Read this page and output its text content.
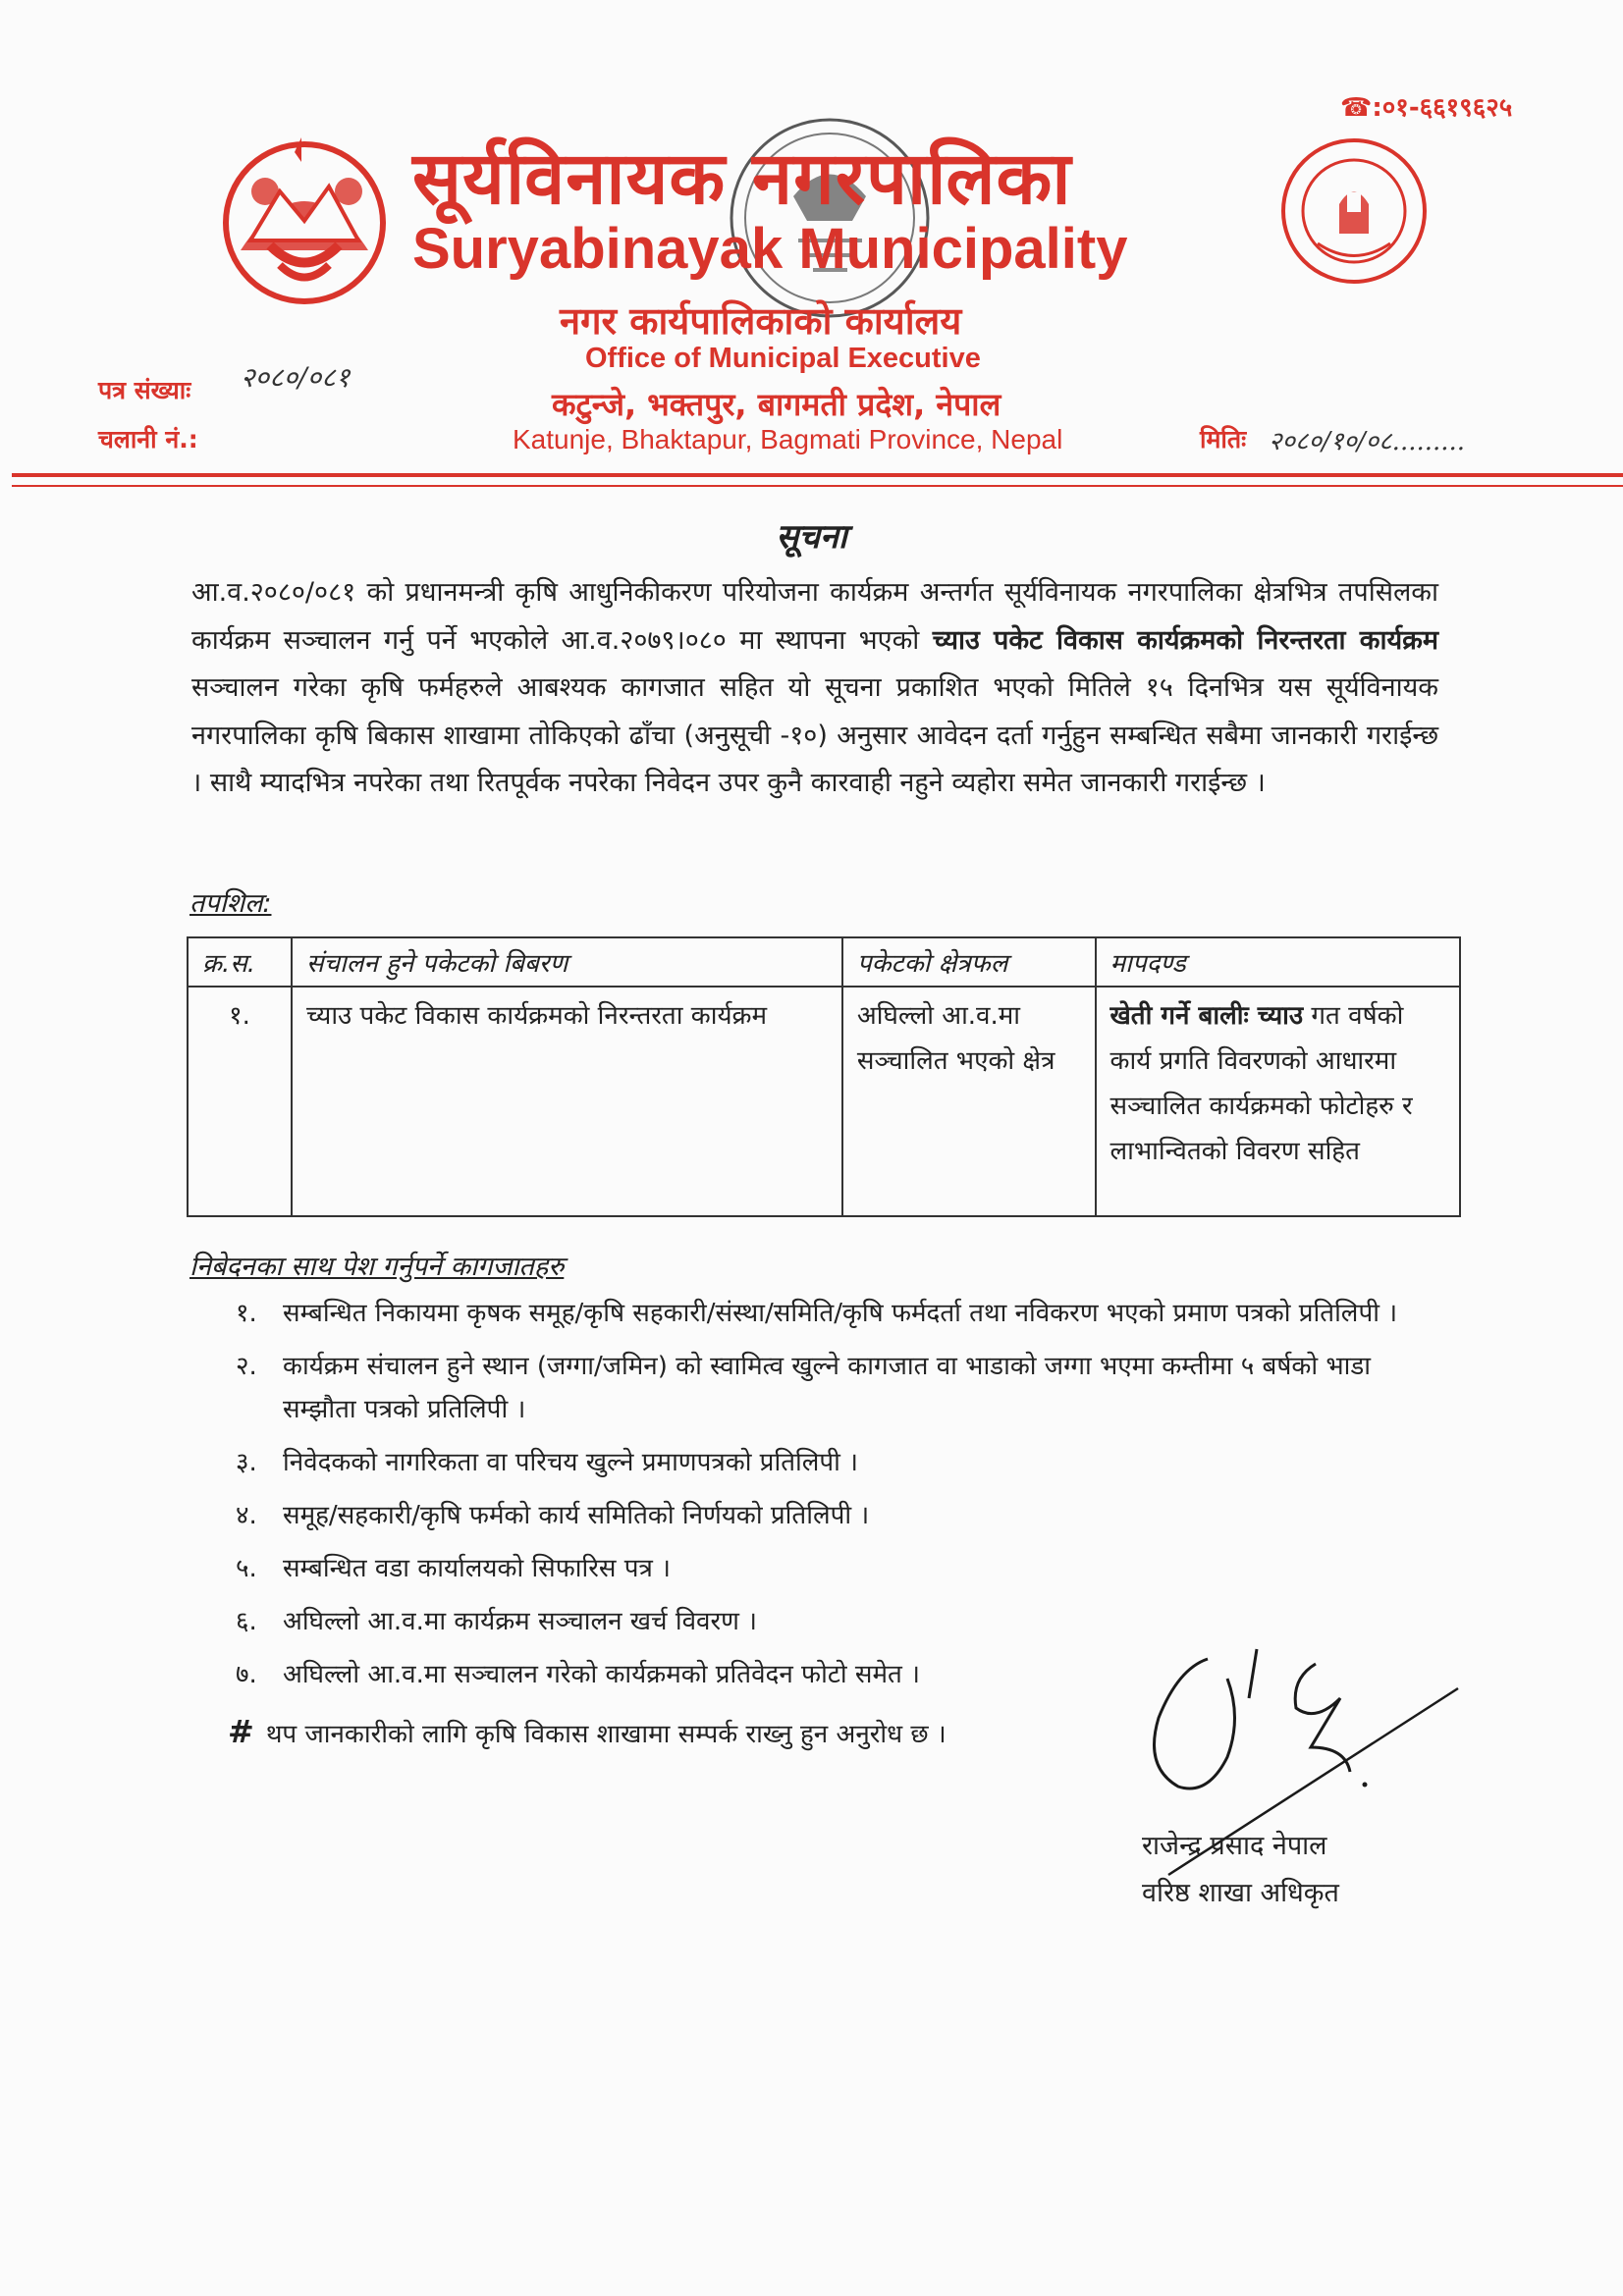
☎:०१-६६१९६२५
सूर्यविनायक नगरपालिका
Suryabinayak Municipality
नगर कार्यपालिकाको कार्यालय
Office of Municipal Executive
कटुन्जे, भक्तपुर, बागमती प्रदेश, नेपाल
Katunje, Bhaktapur, Bagmati Province, Nepal
पत्र संख्याः २०८०/०८१
चलानी नं.:	मितिः २०८०/१०/०८.........
सूचना
आ.व.२०८०/०८१ को प्रधानमन्त्री कृषि आधुनिकीकरण परियोजना कार्यक्रम अन्तर्गत सूर्यविनायक नगरपालिका क्षेत्रभित्र तपसिलका कार्यक्रम सञ्चालन गर्नु पर्ने भएकोले आ.व.२०७९।०८० मा स्थापना भएको च्याउ पकेट विकास कार्यक्रमको निरन्तरता कार्यक्रम सञ्चालन गरेका कृषि फर्महरुले आबश्यक कागजात सहित यो सूचना प्रकाशित भएको मितिले १५ दिनभित्र यस सूर्यविनायक नगरपालिका कृषि बिकास शाखामा तोकिएको ढाँचा (अनुसूची -१०) अनुसार आवेदन दर्ता गर्नुहुन सम्बन्धित सबैमा जानकारी गराईन्छ । साथै म्यादभित्र नपरेका तथा रितपूर्वक नपरेका निवेदन उपर कुनै कारवाही नहुने व्यहोरा समेत जानकारी गराईन्छ ।
तपशिल:
क्र.स.	संचालन हुने पकेटको बिबरण	पकेटको क्षेत्रफल	मापदण्ड
१.	च्याउ पकेट विकास कार्यक्रमको निरन्तरता कार्यक्रम	अघिल्लो आ.व.मा सञ्चालित भएको क्षेत्र	खेती गर्ने बालीः च्याउ गत वर्षको कार्य प्रगति विवरणको आधारमा सञ्चालित कार्यक्रमको फोटोहरु र लाभान्वितको विवरण सहित
निबेदनका साथ पेश गर्नुपर्ने कागजातहरु
१.	सम्बन्धित निकायमा कृषक समूह/कृषि सहकारी/संस्था/समिति/कृषि फर्मदर्ता तथा नविकरण भएको प्रमाण पत्रको प्रतिलिपी ।
२.	कार्यक्रम संचालन हुने स्थान (जग्गा/जमिन) को स्वामित्व खुल्ने कागजात वा भाडाको जग्गा भएमा कम्तीमा ५ बर्षको भाडा सम्झौता पत्रको प्रतिलिपी ।
३.	निवेदकको नागरिकता वा परिचय खुल्ने प्रमाणपत्रको प्रतिलिपी ।
४.	समूह/सहकारी/कृषि फर्मको कार्य समितिको निर्णयको प्रतिलिपी ।
५.	सम्बन्धित वडा कार्यालयको सिफारिस पत्र ।
६.	अघिल्लो आ.व.मा कार्यक्रम सञ्चालन खर्च विवरण ।
७.	अघिल्लो आ.व.मा सञ्चालन गरेको कार्यक्रमको प्रतिवेदन फोटो समेत ।
# थप जानकारीको लागि कृषि विकास शाखामा सम्पर्क राख्नु हुन अनुरोध छ ।
राजेन्द्र प्रसाद नेपाल
वरिष्ठ शाखा अधिकृत
